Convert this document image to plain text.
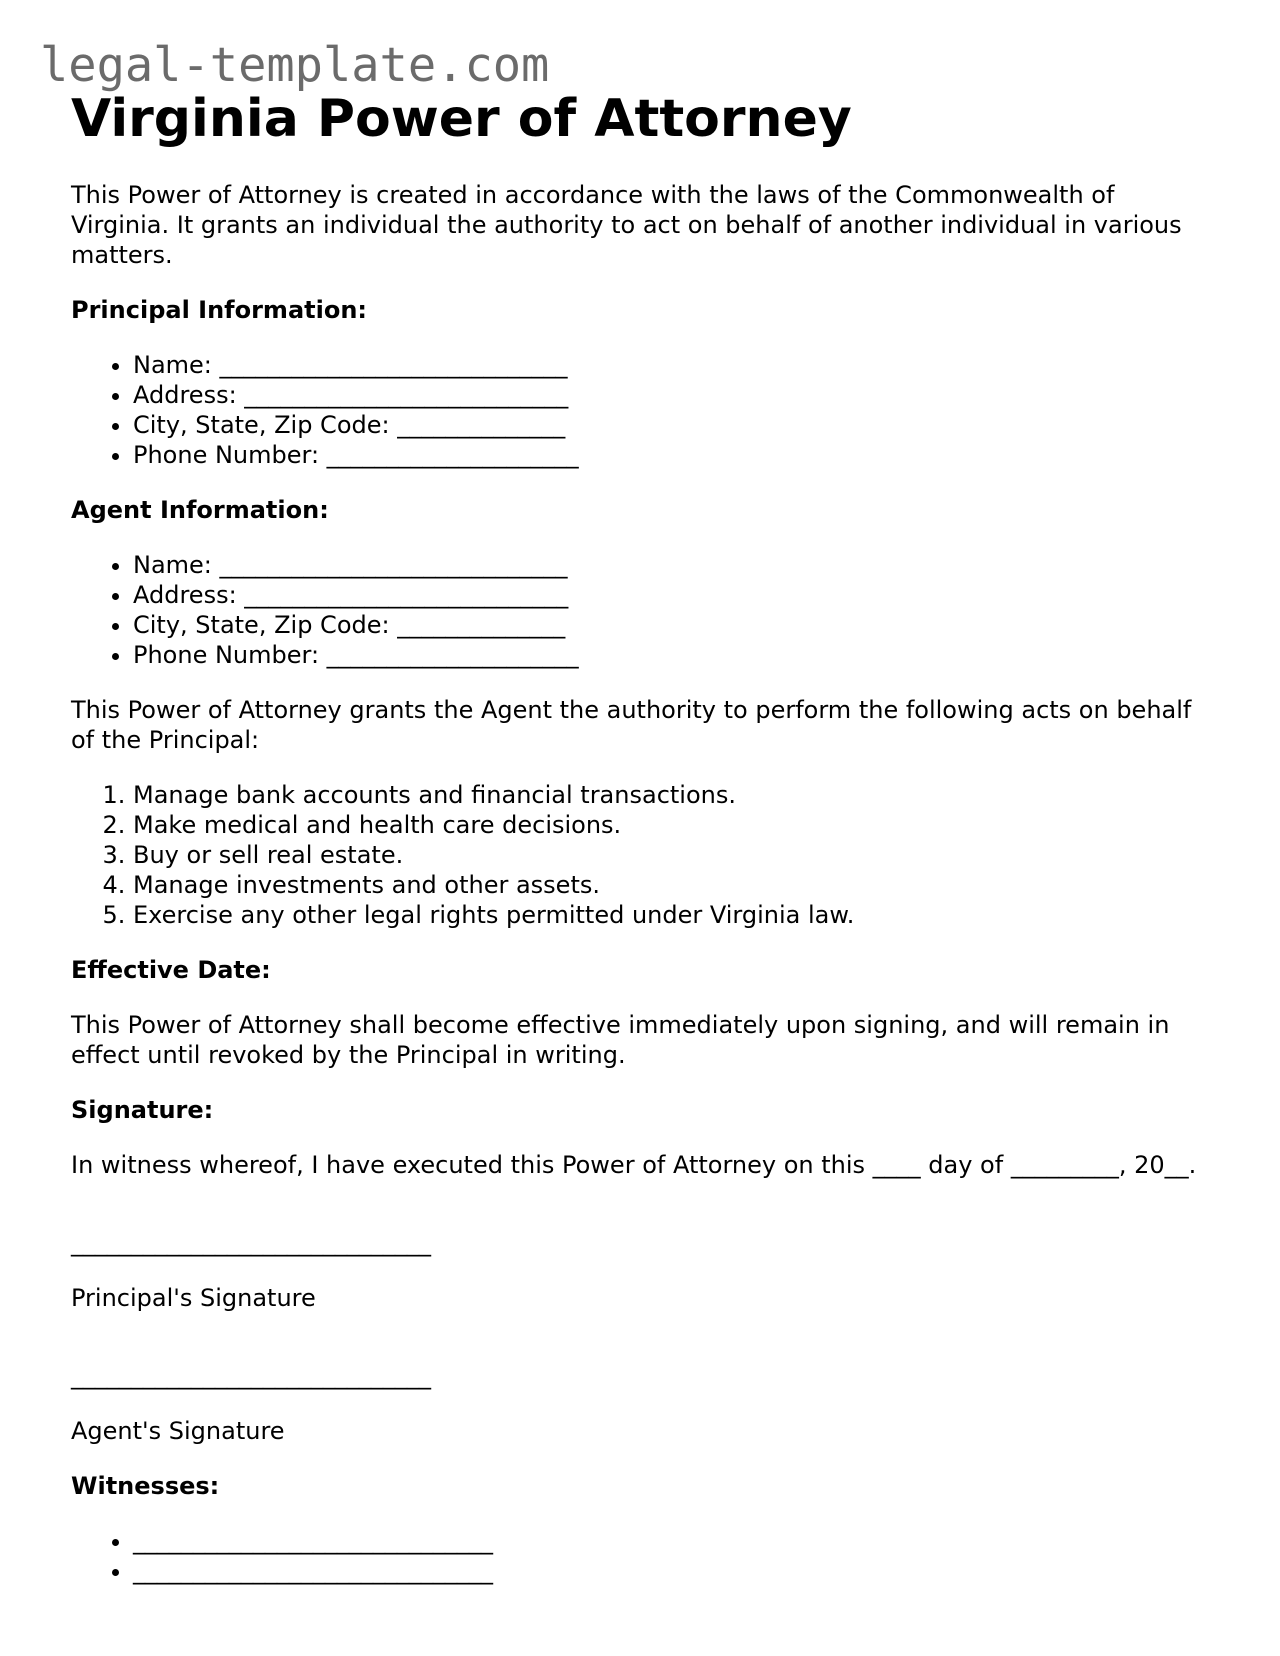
legal-template.com
Virginia Power of Attorney

This Power of Attorney is created in accordance with the laws of the Commonwealth of Virginia. It grants an individual the authority to act on behalf of another individual in various matters.

Principal Information:

• Name: _____________________________
• Address: ___________________________
• City, State, Zip Code: ______________
• Phone Number: _____________________

Agent Information:

• Name: _____________________________
• Address: ___________________________
• City, State, Zip Code: ______________
• Phone Number: _____________________

This Power of Attorney grants the Agent the authority to perform the following acts on behalf of the Principal:

1. Manage bank accounts and financial transactions.
2. Make medical and health care decisions.
3. Buy or sell real estate.
4. Manage investments and other assets.
5. Exercise any other legal rights permitted under Virginia law.

Effective Date:

This Power of Attorney shall become effective immediately upon signing, and will remain in effect until revoked by the Principal in writing.

Signature:

In witness whereof, I have executed this Power of Attorney on this ____ day of _________, 20__.

______________________________

Principal's Signature

______________________________

Agent's Signature

Witnesses:

• ______________________________
• ______________________________
